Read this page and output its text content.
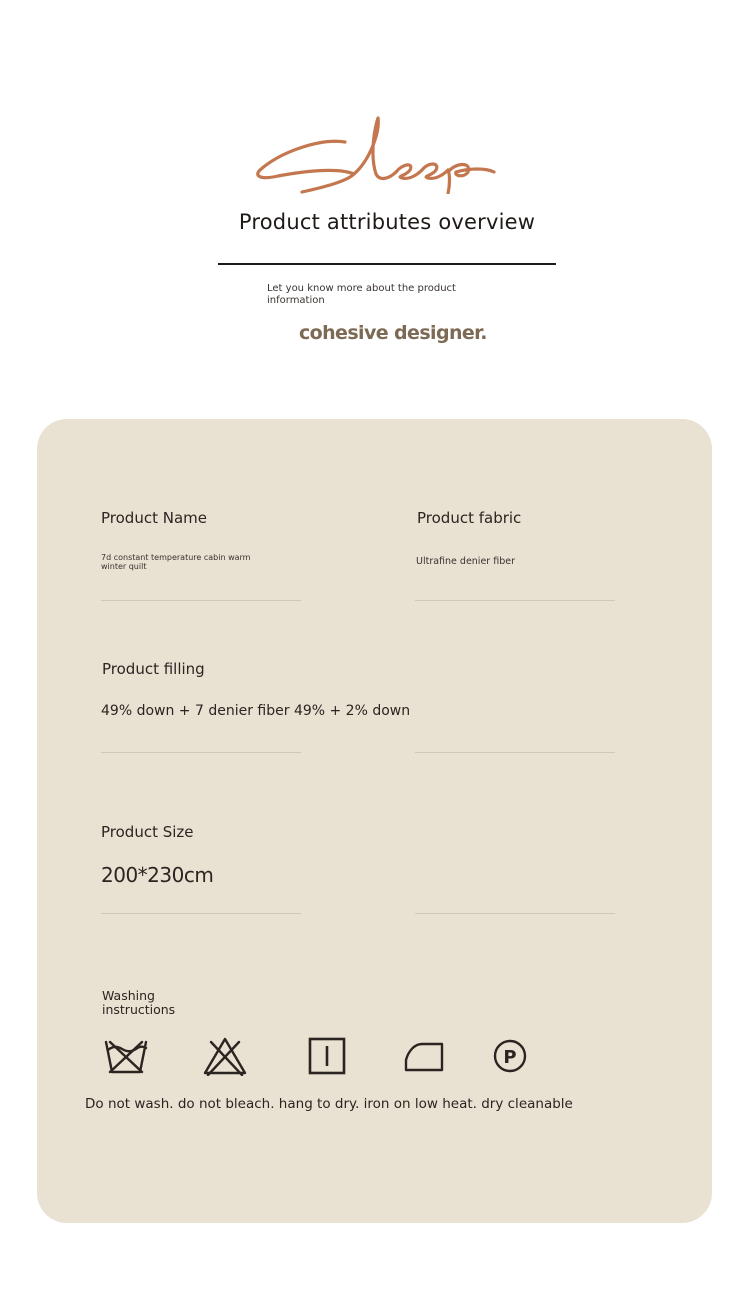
Product attributes overview
Let you know more about the product information
cohesive designer.
Product Name
7d constant temperature cabin warm winter quilt
Product fabric
Ultrafine denier fiber
Product filling
49% down + 7 denier fiber 49% + 2% down
Product Size
200*230cm
Washing instructions
P
Do not wash. do not bleach. hang to dry. iron on low heat. dry cleanable
